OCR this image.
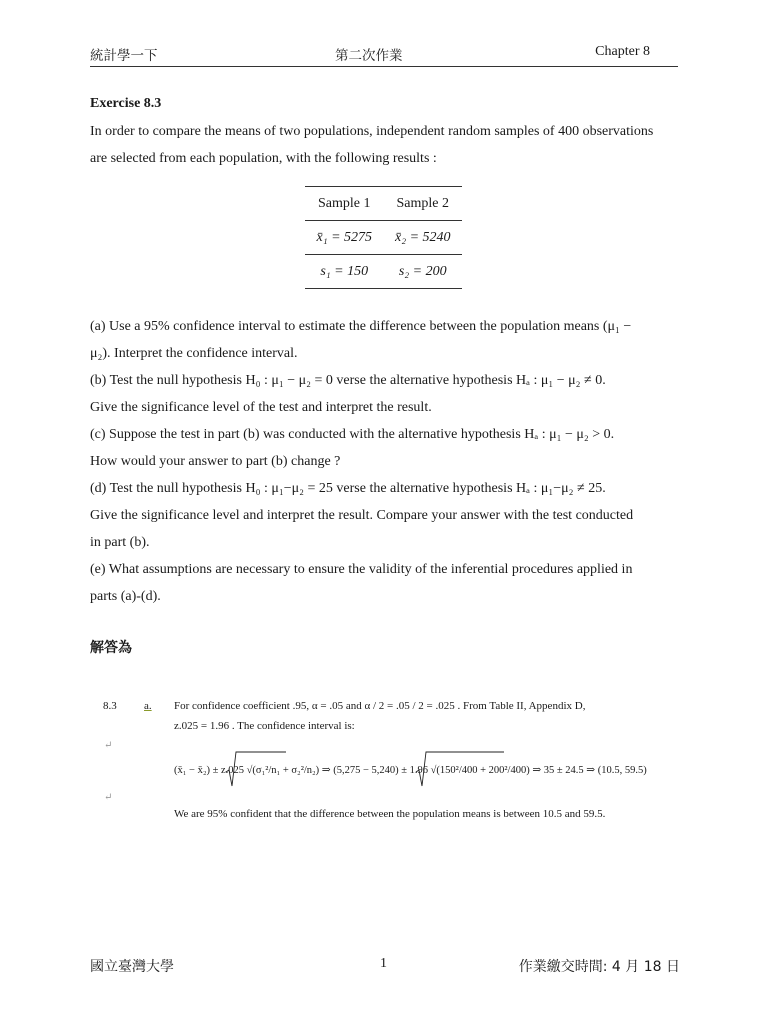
統計學一下	第二次作業	Chapter 8
Exercise 8.3
In order to compare the means of two populations, independent random samples of 400 observations
are selected from each population, with the following results :
Sample 1	Sample 2
x̄₁ = 5275	x̄₂ = 5240
s₁ = 150	s₂ = 200
(a) Use a 95% confidence interval to estimate the difference between the population means (μ₁ −
μ₂). Interpret the confidence interval.
(b) Test the null hypothesis H₀ : μ₁ − μ₂ = 0 verse the alternative hypothesis Hₐ : μ₁ − μ₂ ≠ 0.
Give the significance level of the test and interpret the result.
(c) Suppose the test in part (b) was conducted with the alternative hypothesis Hₐ : μ₁ − μ₂ > 0.
How would your answer to part (b) change ?
(d) Test the null hypothesis H₀ : μ₁−μ₂ = 25 verse the alternative hypothesis Hₐ : μ₁−μ₂ ≠ 25.
Give the significance level and interpret the result. Compare your answer with the test conducted
in part (b).
(e) What assumptions are necessary to ensure the validity of the inferential procedures applied in
parts (a)-(d).
解答為
8.3 a. For confidence coefficient .95, α = .05 and α / 2 = .05 / 2 = .025 . From Table II, Appendix D,
z.025 = 1.96 . The confidence interval is:
↵
(x̄₁ − x̄₂) ± z.025 √(σ₁²/n₁ + σ₂²/n₂) ⇒ (5,275 − 5,240) ± 1.96 √(150²/400 + 200²/400) ⇒ 35 ± 24.5 ⇒ (10.5, 59.5)
↵
We are 95% confident that the difference between the population means is between 10.5 and 59.5.
國立臺灣大學	1	作業繳交時間: 4 月 18 日
